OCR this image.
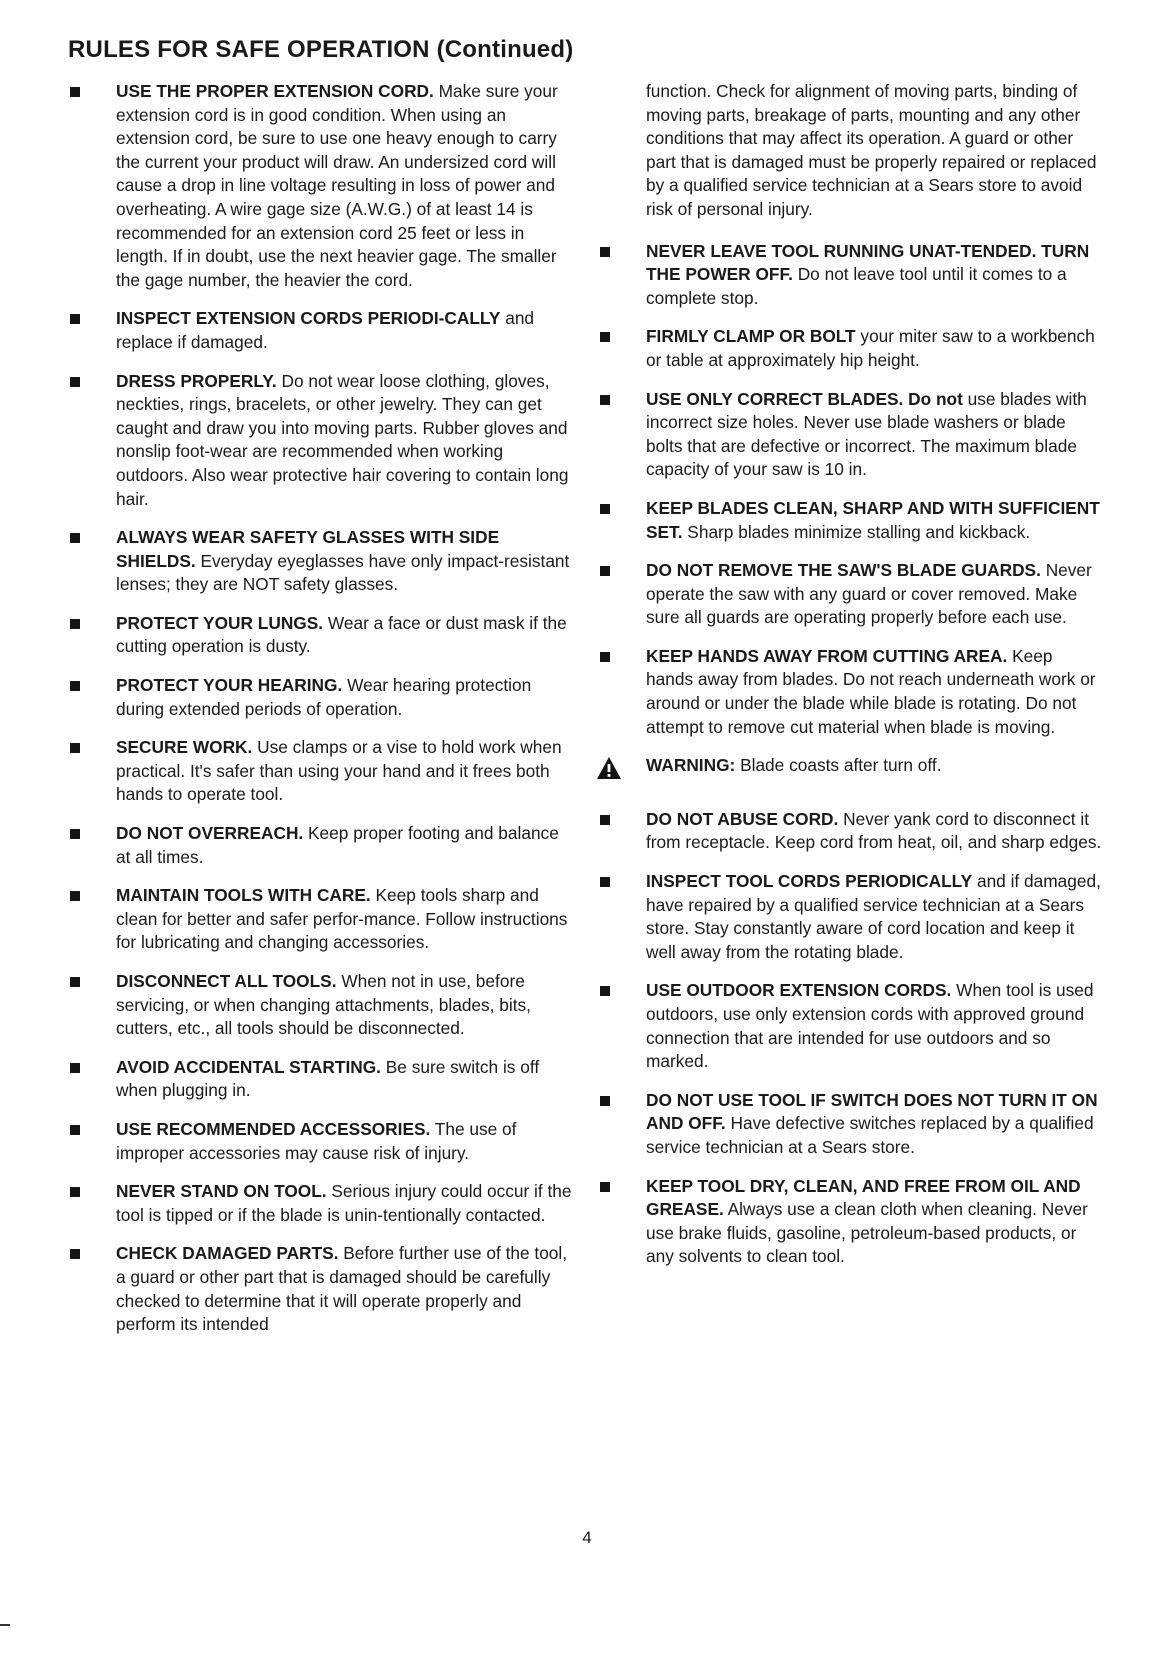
RULES FOR SAFE OPERATION (Continued)
USE THE PROPER EXTENSION CORD. Make sure your extension cord is in good condition. When using an extension cord, be sure to use one heavy enough to carry the current your product will draw. An undersized cord will cause a drop in line voltage resulting in loss of power and overheating. A wire gage size (A.W.G.) of at least 14 is recommended for an extension cord 25 feet or less in length. If in doubt, use the next heavier gage. The smaller the gage number, the heavier the cord.
INSPECT EXTENSION CORDS PERIODI-CALLY and replace if damaged.
DRESS PROPERLY. Do not wear loose clothing, gloves, neckties, rings, bracelets, or other jewelry. They can get caught and draw you into moving parts. Rubber gloves and nonslip foot-wear are recommended when working outdoors. Also wear protective hair covering to contain long hair.
ALWAYS WEAR SAFETY GLASSES WITH SIDE SHIELDS. Everyday eyeglasses have only impact-resistant lenses; they are NOT safety glasses.
PROTECT YOUR LUNGS. Wear a face or dust mask if the cutting operation is dusty.
PROTECT YOUR HEARING. Wear hearing protection during extended periods of operation.
SECURE WORK. Use clamps or a vise to hold work when practical. It's safer than using your hand and it frees both hands to operate tool.
DO NOT OVERREACH. Keep proper footing and balance at all times.
MAINTAIN TOOLS WITH CARE. Keep tools sharp and clean for better and safer perfor-mance. Follow instructions for lubricating and changing accessories.
DISCONNECT ALL TOOLS. When not in use, before servicing, or when changing attachments, blades, bits, cutters, etc., all tools should be disconnected.
AVOID ACCIDENTAL STARTING. Be sure switch is off when plugging in.
USE RECOMMENDED ACCESSORIES. The use of improper accessories may cause risk of injury.
NEVER STAND ON TOOL. Serious injury could occur if the tool is tipped or if the blade is unin-tentionally contacted.
CHECK DAMAGED PARTS. Before further use of the tool, a guard or other part that is damaged should be carefully checked to determine that it will operate properly and perform its intended
function. Check for alignment of moving parts, binding of moving parts, breakage of parts, mounting and any other conditions that may affect its operation. A guard or other part that is damaged must be properly repaired or replaced by a qualified service technician at a Sears store to avoid risk of personal injury.
NEVER LEAVE TOOL RUNNING UNAT-TENDED. TURN THE POWER OFF. Do not leave tool until it comes to a complete stop.
FIRMLY CLAMP OR BOLT your miter saw to a workbench or table at approximately hip height.
USE ONLY CORRECT BLADES. Do not use blades with incorrect size holes. Never use blade washers or blade bolts that are defective or incorrect. The maximum blade capacity of your saw is 10 in.
KEEP BLADES CLEAN, SHARP AND WITH SUFFICIENT SET. Sharp blades minimize stalling and kickback.
DO NOT REMOVE THE SAW'S BLADE GUARDS. Never operate the saw with any guard or cover removed. Make sure all guards are operating properly before each use.
KEEP HANDS AWAY FROM CUTTING AREA. Keep hands away from blades. Do not reach underneath work or around or under the blade while blade is rotating. Do not attempt to remove cut material when blade is moving.
WARNING: Blade coasts after turn off.
DO NOT ABUSE CORD. Never yank cord to disconnect it from receptacle. Keep cord from heat, oil, and sharp edges.
INSPECT TOOL CORDS PERIODICALLY and if damaged, have repaired by a qualified service technician at a Sears store. Stay constantly aware of cord location and keep it well away from the rotating blade.
USE OUTDOOR EXTENSION CORDS. When tool is used outdoors, use only extension cords with approved ground connection that are intended for use outdoors and so marked.
DO NOT USE TOOL IF SWITCH DOES NOT TURN IT ON AND OFF. Have defective switches replaced by a qualified service technician at a Sears store.
KEEP TOOL DRY, CLEAN, AND FREE FROM OIL AND GREASE. Always use a clean cloth when cleaning. Never use brake fluids, gasoline, petroleum-based products, or any solvents to clean tool.
4
